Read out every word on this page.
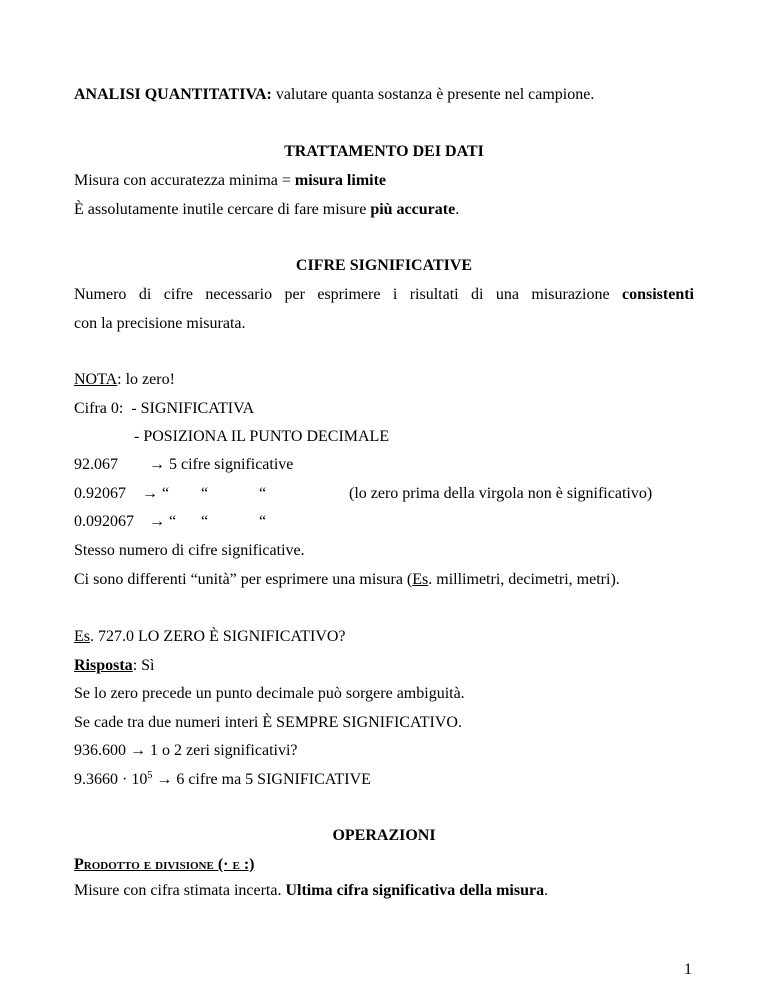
ANALISI QUANTITATIVA: valutare quanta sostanza è presente nel campione.
TRATTAMENTO DEI DATI
Misura con accuratezza minima = misura limite
È assolutamente inutile cercare di fare misure più accurate.
CIFRE SIGNIFICATIVE
Numero di cifre necessario per esprimere i risultati di una misurazione consistenti
con la precisione misurata.
NOTA: lo zero!
Cifra 0: - SIGNIFICATIVA
- POSIZIONA IL PUNTO DECIMALE
92.067 → 5 cifre significative
0.92067 → “ “	“	(lo zero prima della virgola non è significativo)
0.092067 → “ “	“
Stesso numero di cifre significative.
Ci sono differenti “unità” per esprimere una misura (Es. millimetri, decimetri, metri).
Es. 727.0 LO ZERO È SIGNIFICATIVO?
Risposta: Sì
Se lo zero precede un punto decimale può sorgere ambiguità.
Se cade tra due numeri interi È SEMPRE SIGNIFICATIVO.
936.600 → 1 o 2 zeri significativi?
$9.3660 \cdot 10^5 \to 6$ cifre ma 5 SIGNIFICATIVE
OPERAZIONI
Prodotto e divisione (· e :)
Misure con cifra stimata incerta. Ultima cifra significativa della misura.
1
